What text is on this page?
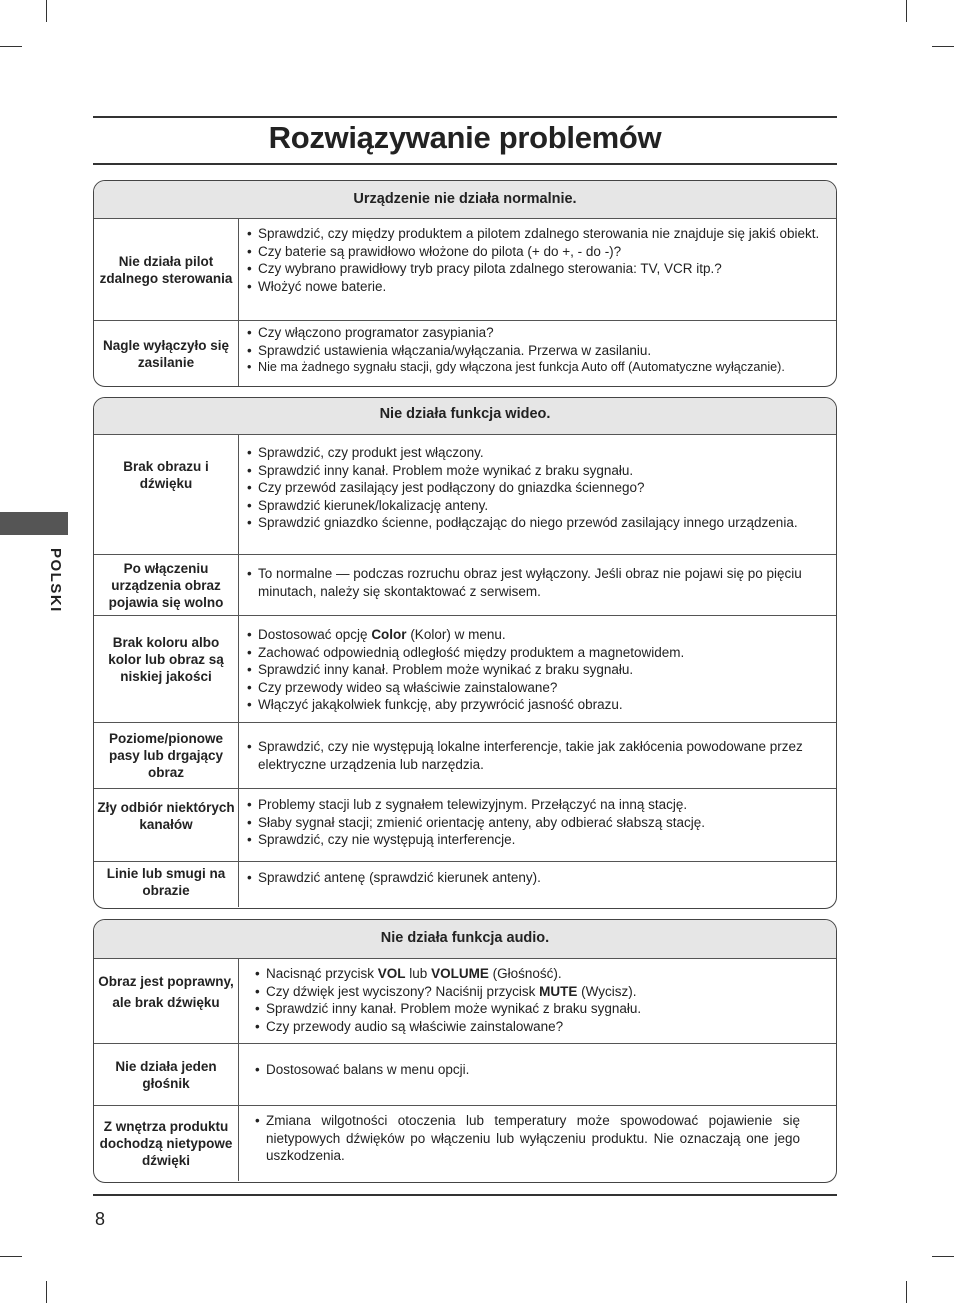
Rozwiązywanie problemów
POLSKI
Urządzenie nie działa normalnie.
Nie działa pilot zdalnego sterowania
• Sprawdzić, czy między produktem a pilotem zdalnego sterowania nie znajduje się jakiś obiekt.
• Czy baterie są prawidłowo włożone do pilota (+ do +, - do -)?
• Czy wybrano prawidłowy tryb pracy pilota zdalnego sterowania: TV, VCR itp.?
• Włożyć nowe baterie.
Nagle wyłączyło się zasilanie
• Czy włączono programator zasypiania?
• Sprawdzić ustawienia włączania/wyłączania. Przerwa w zasilaniu.
• Nie ma żadnego sygnału stacji, gdy włączona jest funkcja Auto off (Automatyczne wyłączanie).
Nie działa funkcja wideo.
Brak obrazu i dźwięku
• Sprawdzić, czy produkt jest włączony.
• Sprawdzić inny kanał. Problem może wynikać z braku sygnału.
• Czy przewód zasilający jest podłączony do gniazdka ściennego?
• Sprawdzić kierunek/lokalizację anteny.
• Sprawdzić gniazdko ścienne, podłączając do niego przewód zasilający innego urządzenia.
Po włączeniu urządzenia obraz pojawia się wolno
• To normalne — podczas rozruchu obraz jest wyłączony. Jeśli obraz nie pojawi się po pięciu minutach, należy się skontaktować z serwisem.
Brak koloru albo kolor lub obraz są niskiej jakości
• Dostosować opcję Color (Kolor) w menu.
• Zachować odpowiednią odległość między produktem a magnetowidem.
• Sprawdzić inny kanał. Problem może wynikać z braku sygnału.
• Czy przewody wideo są właściwie zainstalowane?
• Włączyć jakąkolwiek funkcję, aby przywrócić jasność obrazu.
Poziome/pionowe pasy lub drgający obraz
• Sprawdzić, czy nie występują lokalne interferencje, takie jak zakłócenia powodowane przez elektryczne urządzenia lub narzędzia.
Zły odbiór niektórych kanałów
• Problemy stacji lub z sygnałem telewizyjnym. Przełączyć na inną stację.
• Słaby sygnał stacji; zmienić orientację anteny, aby odbierać słabszą stację.
• Sprawdzić, czy nie występują interferencje.
Linie lub smugi na obrazie
• Sprawdzić antenę (sprawdzić kierunek anteny).
Nie działa funkcja audio.
Obraz jest poprawny, ale brak dźwięku
• Nacisnąć przycisk VOL lub VOLUME (Głośność).
• Czy dźwięk jest wyciszony? Naciśnij przycisk MUTE (Wycisz).
• Sprawdzić inny kanał. Problem może wynikać z braku sygnału.
• Czy przewody audio są właściwie zainstalowane?
Nie działa jeden głośnik
• Dostosować balans w menu opcji.
Z wnętrza produktu dochodzą nietypowe dźwięki
• Zmiana wilgotności otoczenia lub temperatury może spowodować pojawienie się nietypowych dźwięków po włączeniu lub wyłączeniu produktu. Nie oznaczają one jego uszkodzenia.
8
